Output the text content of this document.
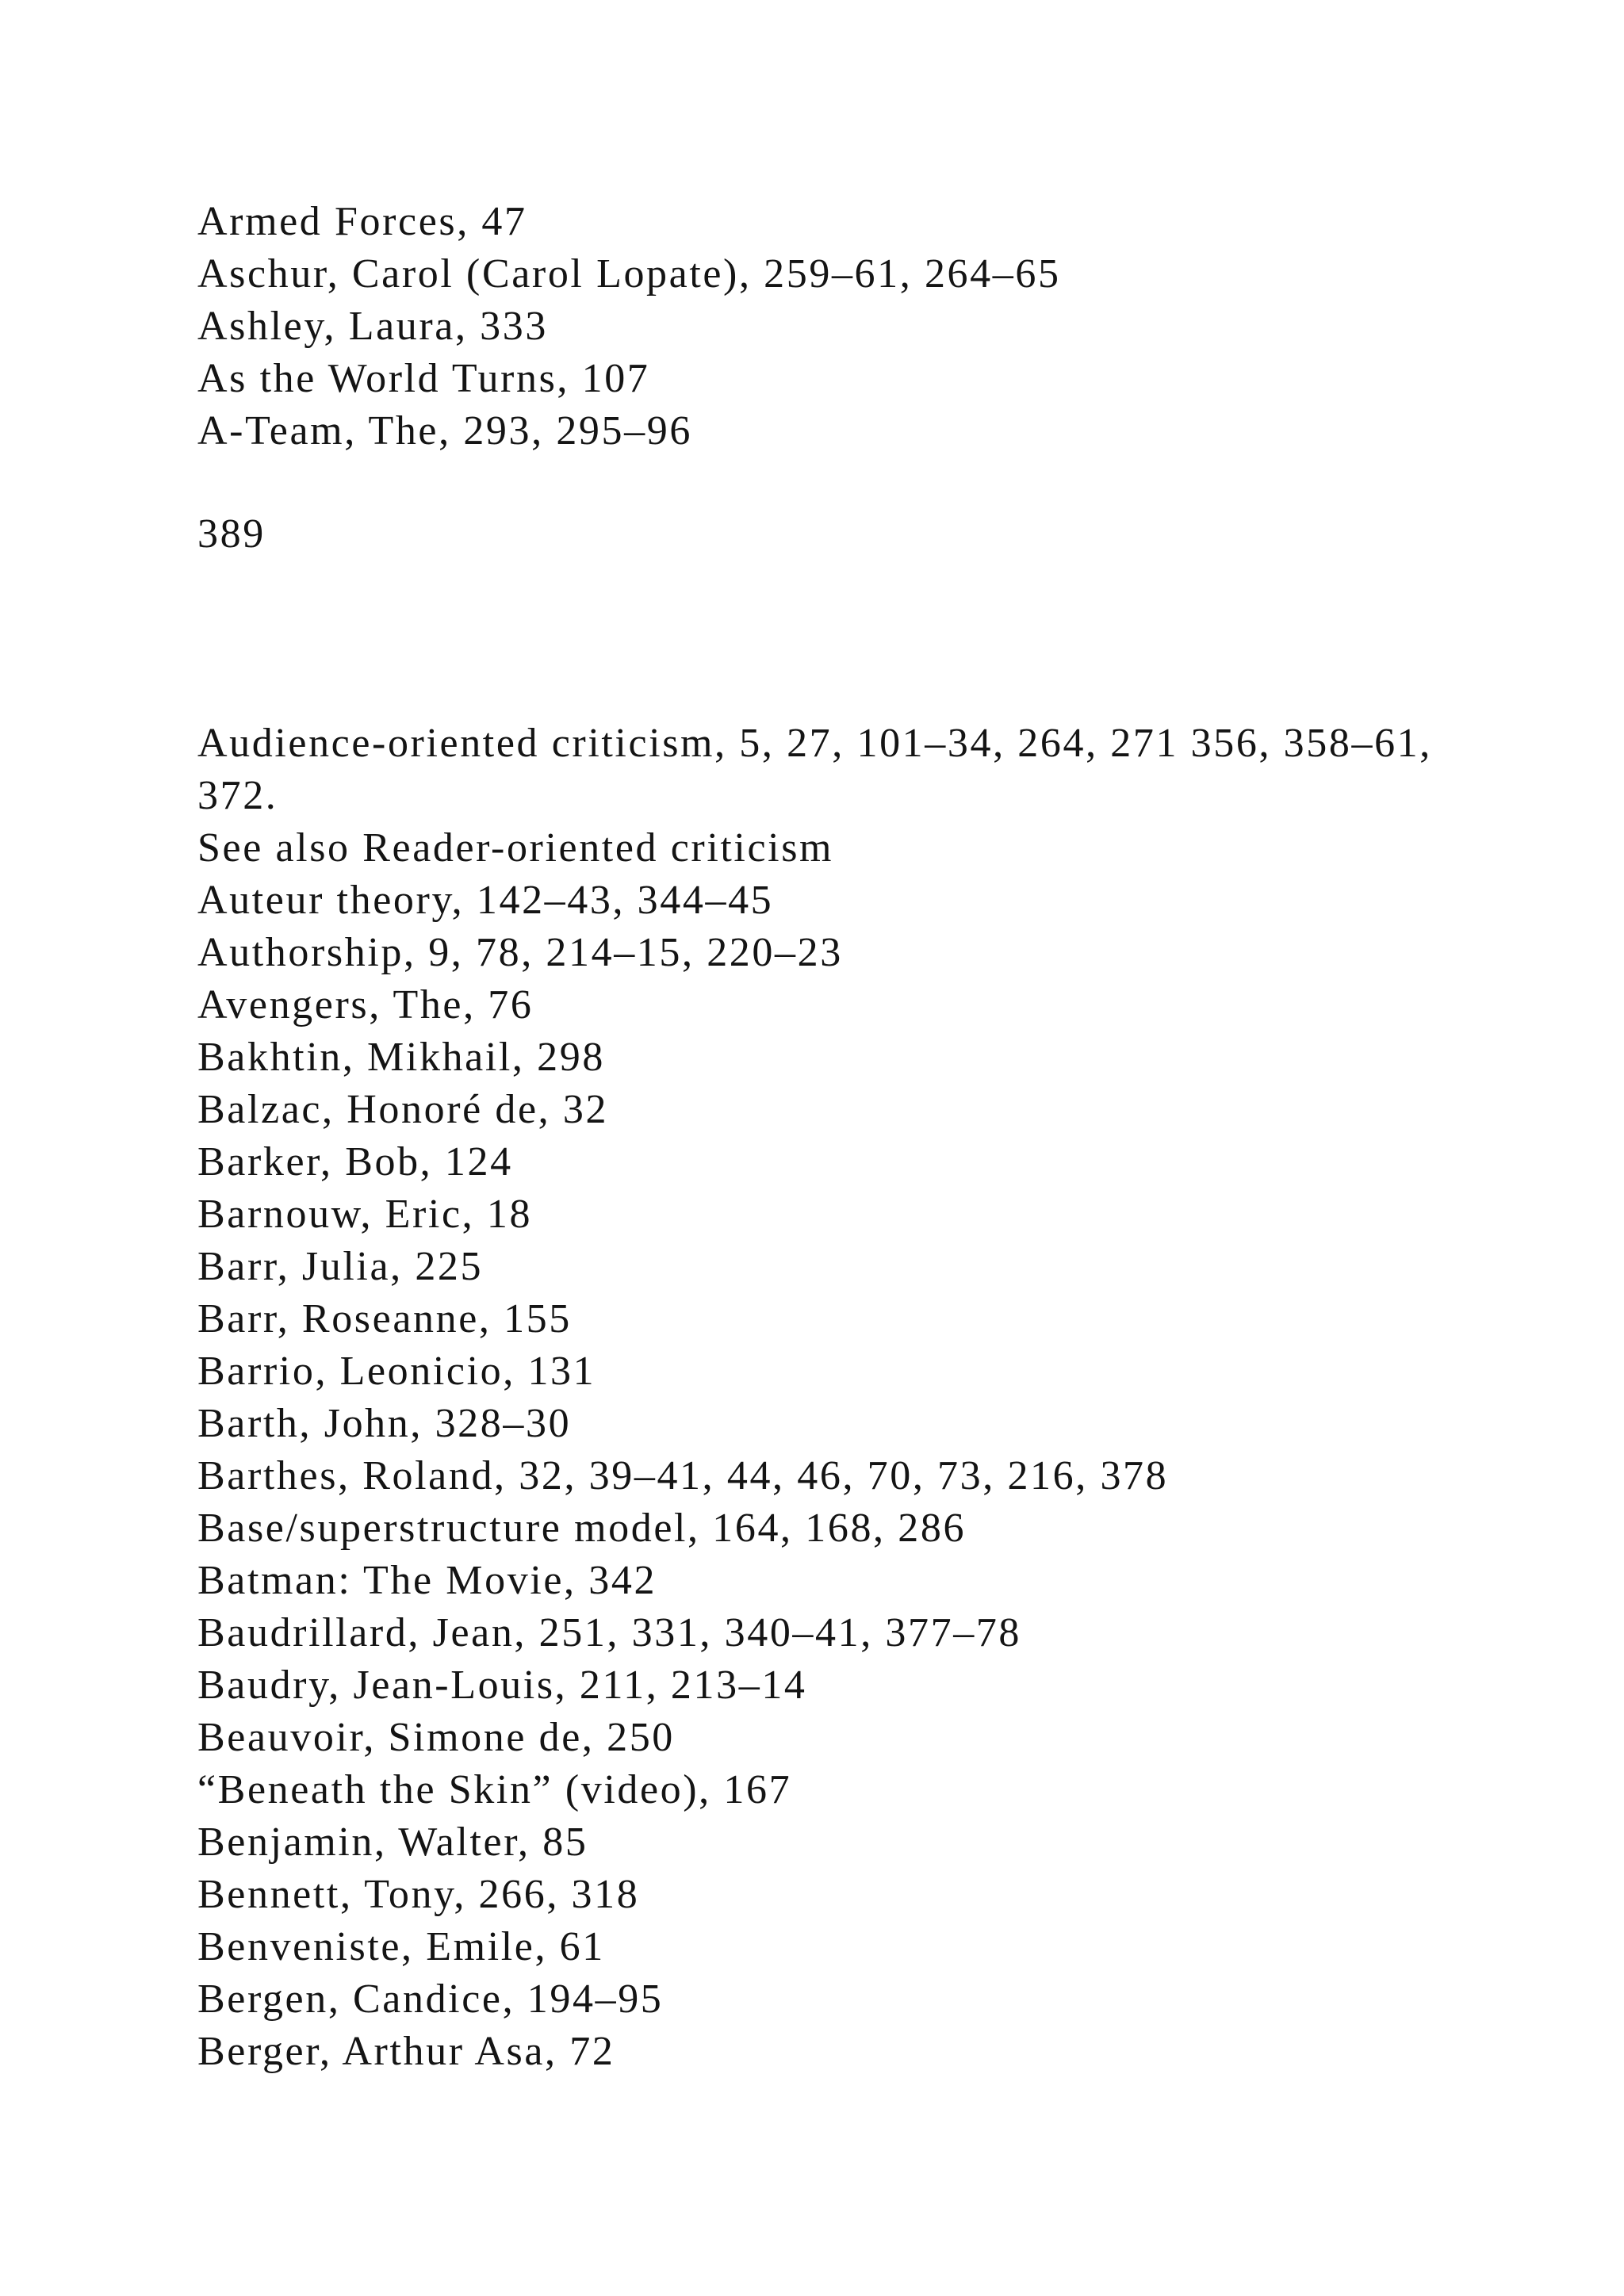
Armed Forces, 47
Aschur, Carol (Carol Lopate), 259–61, 264–65
Ashley, Laura, 333
As the World Turns, 107
A-Team, The, 293, 295–96
389
Audience-oriented criticism, 5, 27, 101–34, 264, 271 356, 358–61, 372.
See also Reader-oriented criticism
Auteur theory, 142–43, 344–45
Authorship, 9, 78, 214–15, 220–23
Avengers, The, 76
Bakhtin, Mikhail, 298
Balzac, Honoré de, 32
Barker, Bob, 124
Barnouw, Eric, 18
Barr, Julia, 225
Barr, Roseanne, 155
Barrio, Leonicio, 131
Barth, John, 328–30
Barthes, Roland, 32, 39–41, 44, 46, 70, 73, 216, 378
Base/superstructure model, 164, 168, 286
Batman: The Movie, 342
Baudrillard, Jean, 251, 331, 340–41, 377–78
Baudry, Jean-Louis, 211, 213–14
Beauvoir, Simone de, 250
“Beneath the Skin” (video), 167
Benjamin, Walter, 85
Bennett, Tony, 266, 318
Benveniste, Emile, 61
Bergen, Candice, 194–95
Berger, Arthur Asa, 72
